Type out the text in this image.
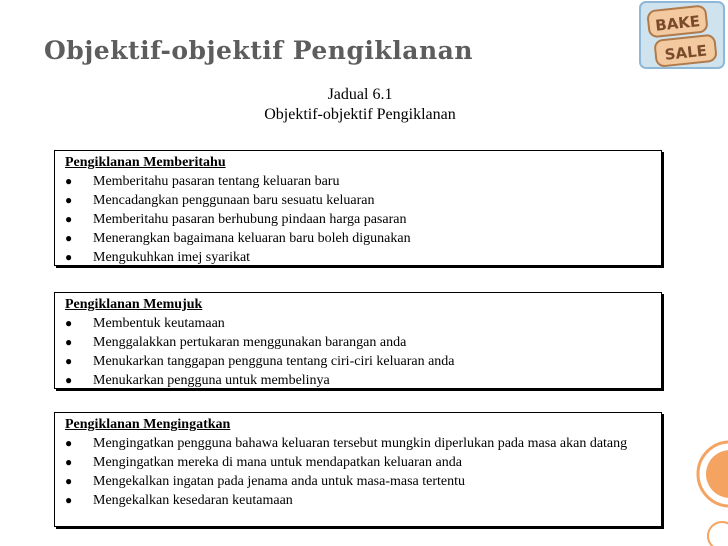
Objektif-objektif Pengiklanan
BAKE
SALE
Jadual 6.1
Objektif-objektif Pengiklanan
Pengiklanan Memberitahu
● Memberitahu pasaran tentang keluaran baru
● Mencadangkan penggunaan baru sesuatu keluaran
● Memberitahu pasaran berhubung pindaan harga pasaran
● Menerangkan bagaimana keluaran baru boleh digunakan
● Mengukuhkan imej syarikat
Pengiklanan Memujuk
● Membentuk keutamaan
● Menggalakkan pertukaran menggunakan barangan anda
● Menukarkan tanggapan pengguna tentang ciri-ciri keluaran anda
● Menukarkan pengguna untuk membelinya
Pengiklanan Mengingatkan
● Mengingatkan pengguna bahawa keluaran tersebut mungkin diperlukan pada masa akan datang
● Mengingatkan mereka di mana untuk mendapatkan keluaran anda
● Mengekalkan ingatan pada jenama anda untuk masa-masa tertentu
● Mengekalkan kesedaran keutamaan
